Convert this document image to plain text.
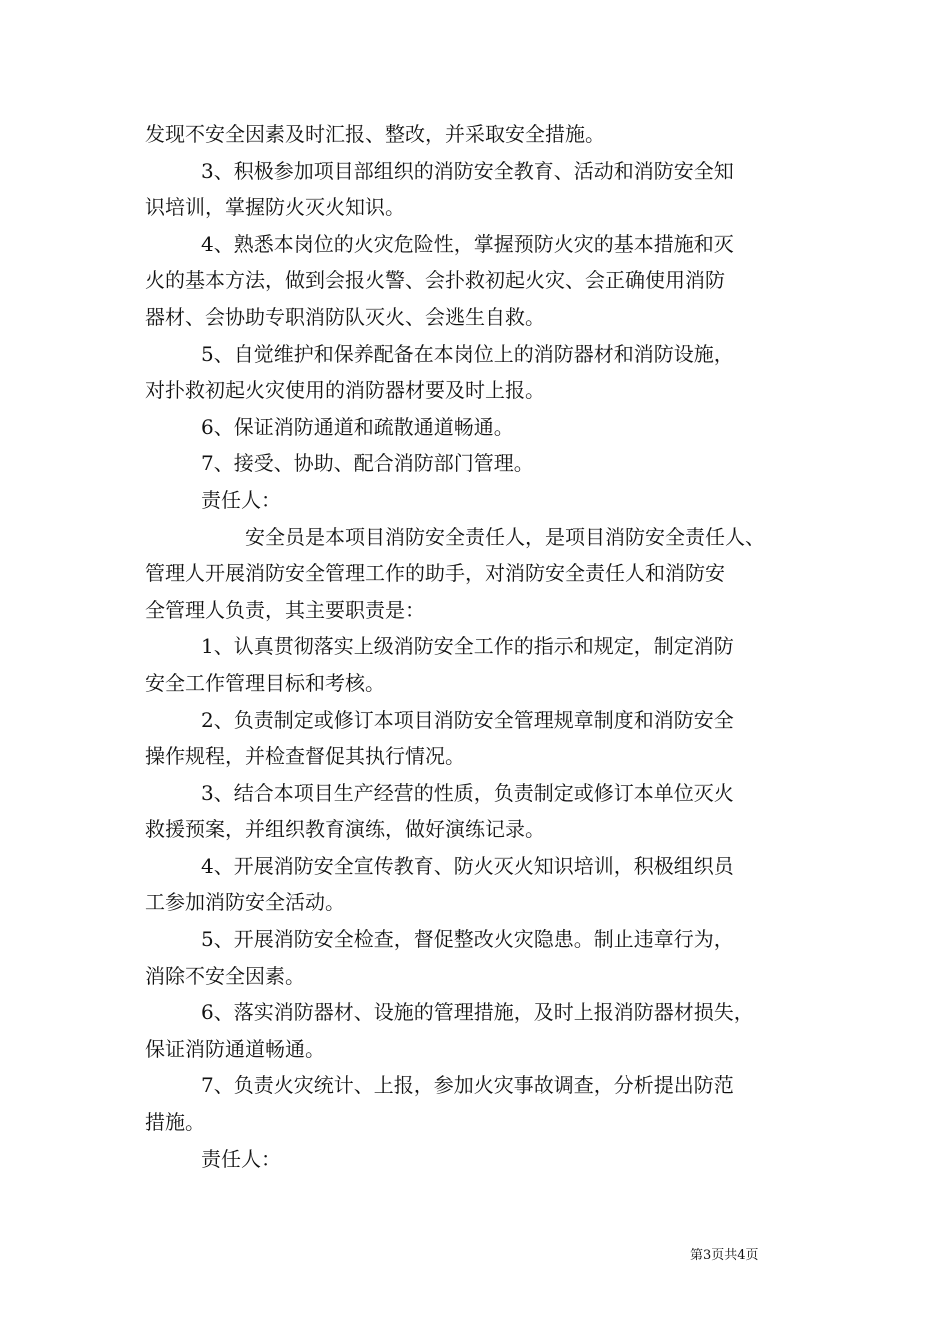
发现不安全因素及时汇报、整改，并采取安全措施。
3、积极参加项目部组织的消防安全教育、活动和消防安全知
识培训，掌握防火灭火知识。
4、熟悉本岗位的火灾危险性，掌握预防火灾的基本措施和灭
火的基本方法，做到会报火警、会扑救初起火灾、会正确使用消防
器材、会协助专职消防队灭火、会逃生自救。
5、自觉维护和保养配备在本岗位上的消防器材和消防设施，
对扑救初起火灾使用的消防器材要及时上报。
6、保证消防通道和疏散通道畅通。
7、接受、协助、配合消防部门管理。
责任人：
安全员是本项目消防安全责任人，是项目消防安全责任人、
管理人开展消防安全管理工作的助手，对消防安全责任人和消防安
全管理人负责，其主要职责是：
1、认真贯彻落实上级消防安全工作的指示和规定，制定消防
安全工作管理目标和考核。
2、负责制定或修订本项目消防安全管理规章制度和消防安全
操作规程，并检查督促其执行情况。
3、结合本项目生产经营的性质，负责制定或修订本单位灭火
救援预案，并组织教育演练，做好演练记录。
4、开展消防安全宣传教育、防火灭火知识培训，积极组织员
工参加消防安全活动。
5、开展消防安全检查，督促整改火灾隐患。制止违章行为，
消除不安全因素。
6、落实消防器材、设施的管理措施，及时上报消防器材损失，
保证消防通道畅通。
7、负责火灾统计、上报，参加火灾事故调查，分析提出防范
措施。
责任人：
第3页共4页
